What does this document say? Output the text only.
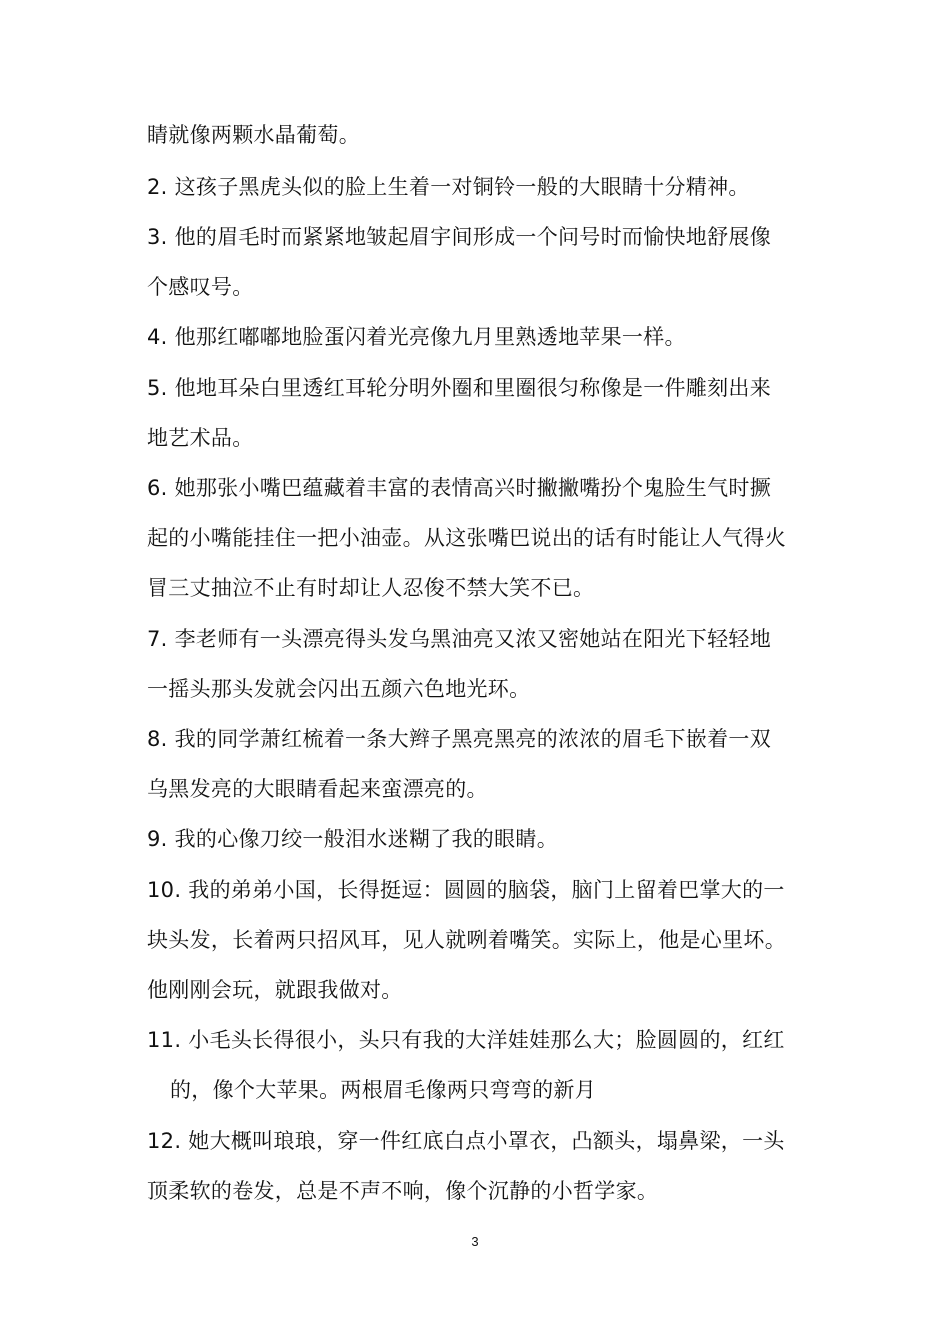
睛就像两颗水晶葡萄。
2. 这孩子黑虎头似的脸上生着一对铜铃一般的大眼睛十分精神。
3. 他的眉毛时而紧紧地皱起眉宇间形成一个问号时而愉快地舒展像
个感叹号。
4. 他那红嘟嘟地脸蛋闪着光亮像九月里熟透地苹果一样。
5. 他地耳朵白里透红耳轮分明外圈和里圈很匀称像是一件雕刻出来
地艺术品。
6. 她那张小嘴巴蕴藏着丰富的表情高兴时撇撇嘴扮个鬼脸生气时撅
起的小嘴能挂住一把小油壶。从这张嘴巴说出的话有时能让人气得火
冒三丈抽泣不止有时却让人忍俊不禁大笑不已。
7. 李老师有一头漂亮得头发乌黑油亮又浓又密她站在阳光下轻轻地
一摇头那头发就会闪出五颜六色地光环。
8. 我的同学萧红梳着一条大辫子黑亮黑亮的浓浓的眉毛下嵌着一双
乌黑发亮的大眼睛看起来蛮漂亮的。
9. 我的心像刀绞一般泪水迷糊了我的眼睛。
10. 我的弟弟小国，长得挺逗：圆圆的脑袋，脑门上留着巴掌大的一
块头发，长着两只招风耳，见人就咧着嘴笑。实际上，他是心里坏。
他刚刚会玩，就跟我做对。
11. 小毛头长得很小，头只有我的大洋娃娃那么大；脸圆圆的，红红
的，像个大苹果。两根眉毛像两只弯弯的新月
12. 她大概叫琅琅，穿一件红底白点小罩衣，凸额头，塌鼻梁，一头
顶柔软的卷发，总是不声不响，像个沉静的小哲学家。
3
